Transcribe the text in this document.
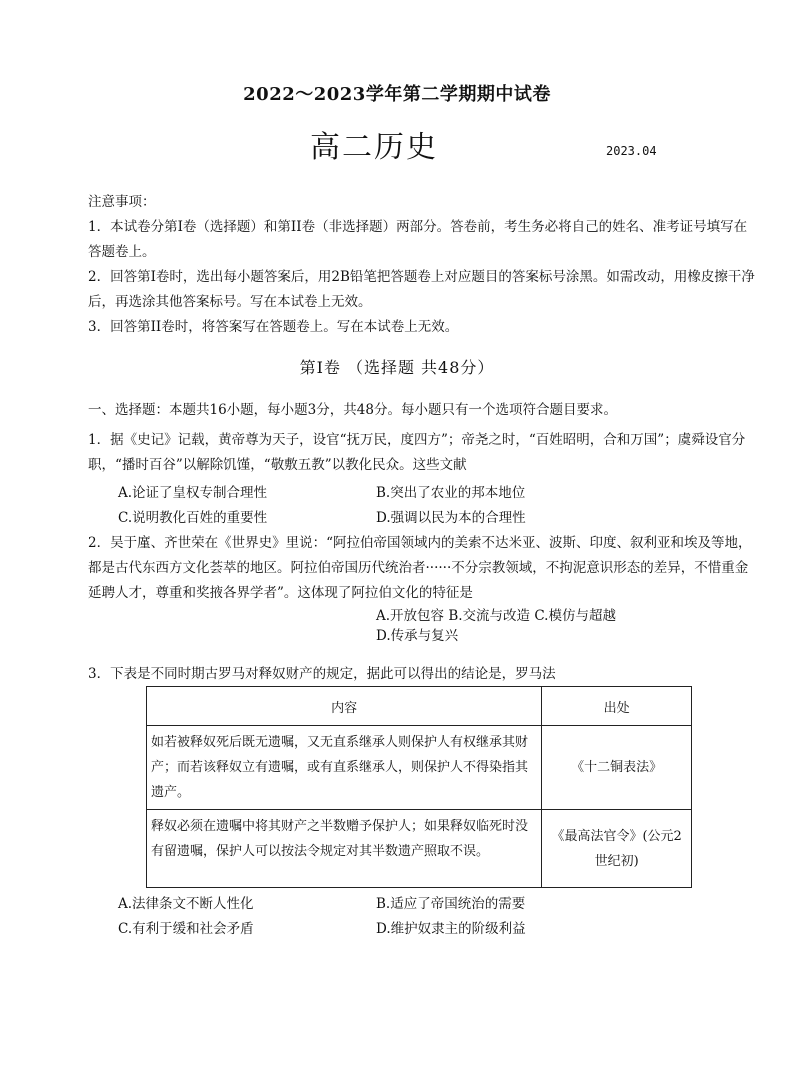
2022～2023学年第二学期期中试卷
高二历史	2023.04
注意事项：
1．本试卷分第Ⅰ卷（选择题）和第II卷（非选择题）两部分。答卷前，考生务必将自己的姓名、准考证号填写在答题卷上。
2．回答第Ⅰ卷时，选出每小题答案后，用2B铅笔把答题卷上对应题目的答案标号涂黑。如需改动，用橡皮擦干净后，再选涂其他答案标号。写在本试卷上无效。
3．回答第II卷时，将答案写在答题卷上。写在本试卷上无效。
第Ⅰ卷 （选择题 共48分）
一、选择题：本题共16小题，每小题3分，共48分。每小题只有一个选项符合题目要求。
1．据《史记》记载，黄帝尊为天子，设官“抚万民，度四方”；帝尧之时，“百姓昭明，合和万国”；虞舜设官分职，“播时百谷”以解除饥馑，“敬敷五教”以教化民众。这些文献
A.论证了皇权专制合理性	B.突出了农业的邦本地位
C.说明教化百姓的重要性	D.强调以民为本的合理性
2．吴于廑、齐世荣在《世界史》里说：“阿拉伯帝国领域内的美索不达米亚、波斯、印度、叙利亚和埃及等地，都是古代东西方文化荟萃的地区。阿拉伯帝国历代统治者······不分宗教领域，不拘泥意识形态的差异，不惜重金延聘人才，尊重和奖掖各界学者”。这体现了阿拉伯文化的特征是
A.开放包容 B.交流与改造 C.模仿与超越　D.传承与复兴
3．下表是不同时期古罗马对释奴财产的规定，据此可以得出的结论是，罗马法
内容	出处
如若被释奴死后既无遗嘱，又无直系继承人则保护人有权继承其财产；而若该释奴立有遗嘱，或有直系继承人，则保护人不得染指其遗产。	《十二铜表法》
释奴必须在遗嘱中将其财产之半数赠予保护人；如果释奴临死时没有留遗嘱，保护人可以按法令规定对其半数遗产照取不误。	《最高法官令》(公元2世纪初)
A.法律条文不断人性化	B.适应了帝国统治的需要
C.有利于缓和社会矛盾	D.维护奴隶主的阶级利益
